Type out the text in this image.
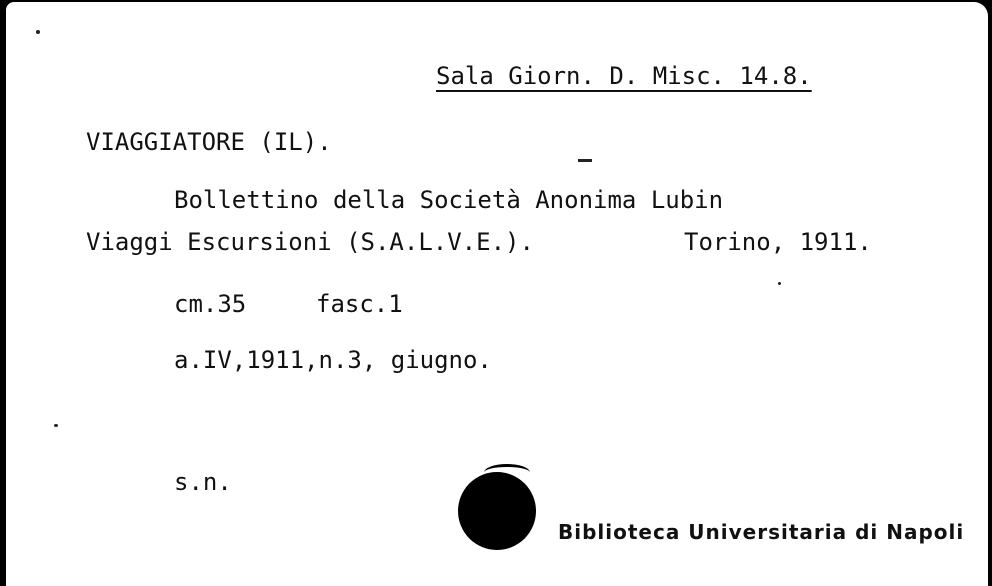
Sala Giorn. D. Misc. 14.8.
VIAGGIATORE (IL).
Bollettino della Società Anonima Lubin
Viaggi Escursioni (S.A.L.V.E.).	Torino, 1911.
cm.35	fasc.1
a.IV,1911,n.3, giugno.
s.n.
Biblioteca Universitaria di Napoli
